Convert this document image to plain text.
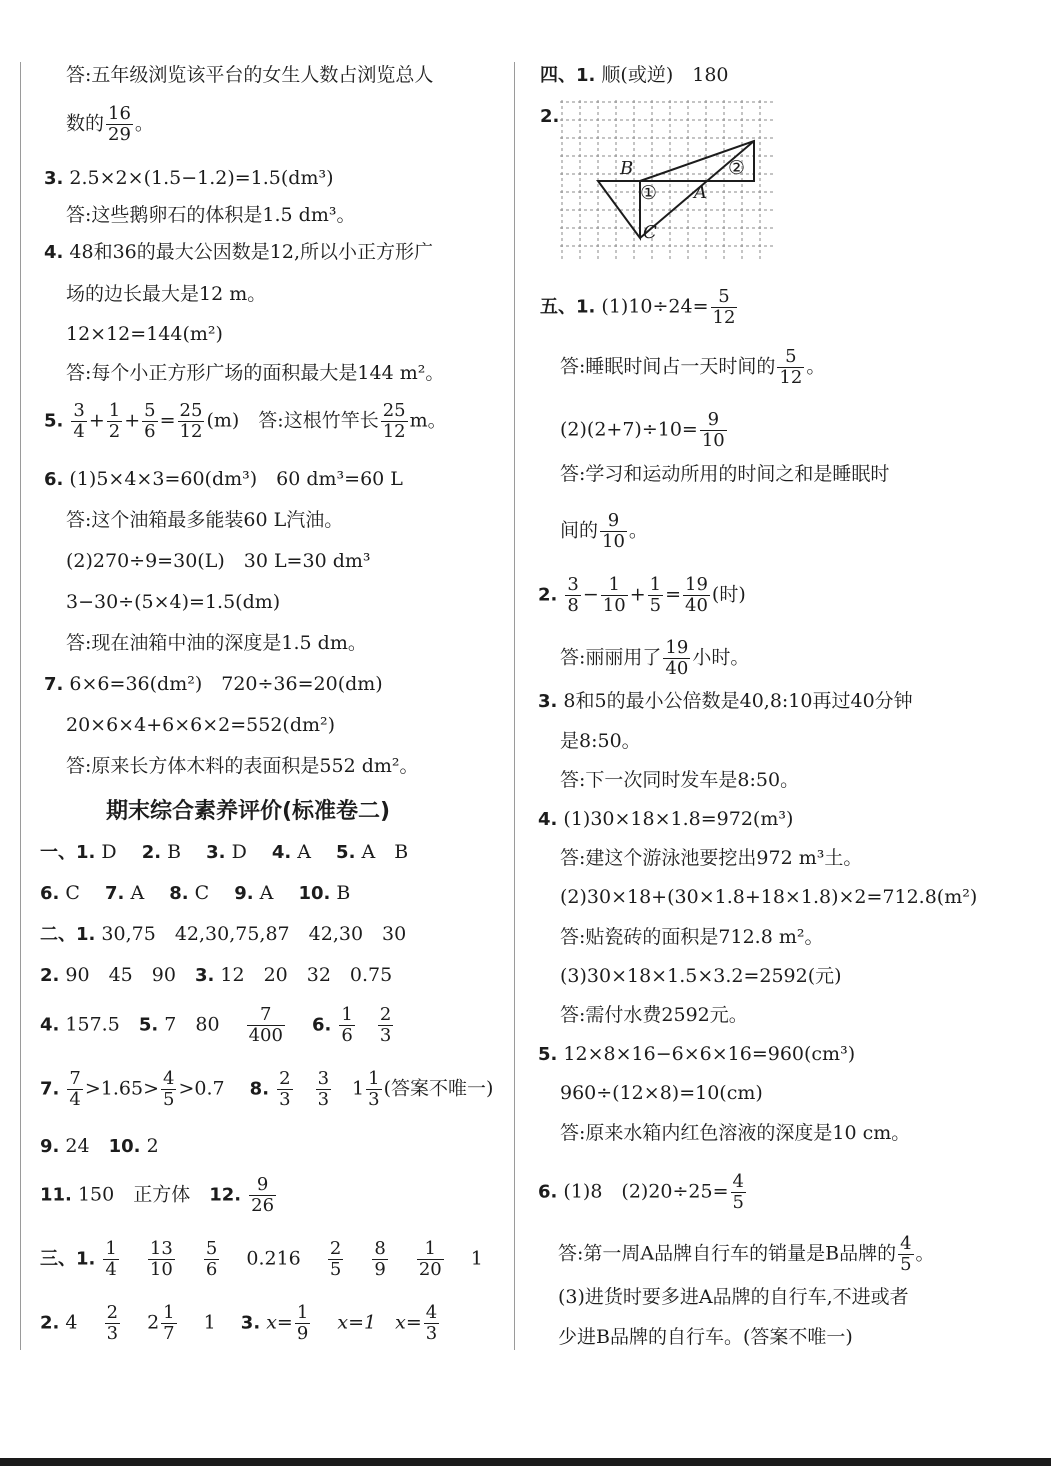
答:五年级浏览该平台的女生人数占浏览总人
数的 $\frac{16}{29}$ 。
3. 2.5×2×(1.5−1.2)=1.5(dm³)
答:这些鹅卵石的体积是1.5 dm³。
4. 48和36的最大公因数是12,所以小正方形广
场的边长最大是12 m。
12×12=144(m²)
答:每个小正方形广场的面积最大是144 m²。
5. $\frac{3}{4} + \frac{1}{2} + \frac{5}{6} = \frac{25}{12} (m)$　答:这根竹竿长 $\frac{25}{12}$ m。
6. (1)5×4×3=60(dm³)　60 dm³=60 L
答:这个油箱最多能装60 L汽油。
(2)270÷9=30(L)　30 L=30 dm³
3−30÷(5×4)=1.5(dm)
答:现在油箱中油的深度是1.5 dm。
7. 6×6=36(dm²)　720÷36=20(dm)
20×6×4+6×6×2=552(dm²)
答:原来长方体木料的表面积是552 dm²。
期末综合素养评价(标准卷二)
一、1. D　 2. B　 3. D　 4. A　 5. A　B
6. C　 7. A　 8. C　 9. A　 10. B
二、1. 30,75　42,30,75,87　42,30　30
2. 90　45　90　 3. 12　20　32　0.75
4. 157.5　 5. 7　80　 $\frac{7}{400}$
　 6. $\frac{1}{6}$
　 $\frac{2}{3}$
7. $\frac{7}{4} >1.65> \frac{4}{5} >0.7$　 8. $\frac{2}{3}$
　 $\frac{3}{3}$
　 $1 \frac{1}{3}$ (答案不唯一)
9. 24　 10. 2
11. 150　正方体　 12. $\frac{9}{26}$
三、1. $\frac{1}{4}$
　 $\frac{13}{10}$
　 $\frac{5}{6}$
　 0.216　 $\frac{2}{5}$
　 $\frac{8}{9}$
　 $\frac{1}{20}$
　 1
2. 4　 $\frac{2}{3}$
　 $2 \frac{1}{7}$
　 1　 3. $x= \frac{1}{9}$
　 x=1　 $x= \frac{4}{3}$
四、1. 顺(或逆)　180
2.
B
C
A
①
②
五、1. $(1)10\div 24= \frac{5}{12}$
答:睡眠时间占一天时间的 $\frac{5}{12}$ 。
$(2)(2+7)\div 10= \frac{9}{10}$
答:学习和运动所用的时间之和是睡眠时
间的 $\frac{9}{10}$ 。
2. $\frac{3}{8} - \frac{1}{10} + \frac{1}{5} = \frac{19}{40}$ (时)
答:丽丽用了 $\frac{19}{40}$ 小时。
3. 8和5的最小公倍数是40,8:10再过40分钟
是8:50。
答:下一次同时发车是8:50。
4. (1)30×18×1.8=972(m³)
答:建这个游泳池要挖出972 m³土。
(2)30×18+(30×1.8+18×1.8)×2=712.8(m²)
答:贴瓷砖的面积是712.8 m²。
(3)30×18×1.5×3.2=2592(元)
答:需付水费2592元。
5. 12×8×16−6×6×16=960(cm³)
960÷(12×8)=10(cm)
答:原来水箱内红色溶液的深度是10 cm。
6. (1)8　$(2)20\div 25= \frac{4}{5}$
答:第一周A品牌自行车的销量是B品牌的 $\frac{4}{5}$ 。
(3)进货时要多进A品牌的自行车,不进或者
少进B品牌的自行车。(答案不唯一)
